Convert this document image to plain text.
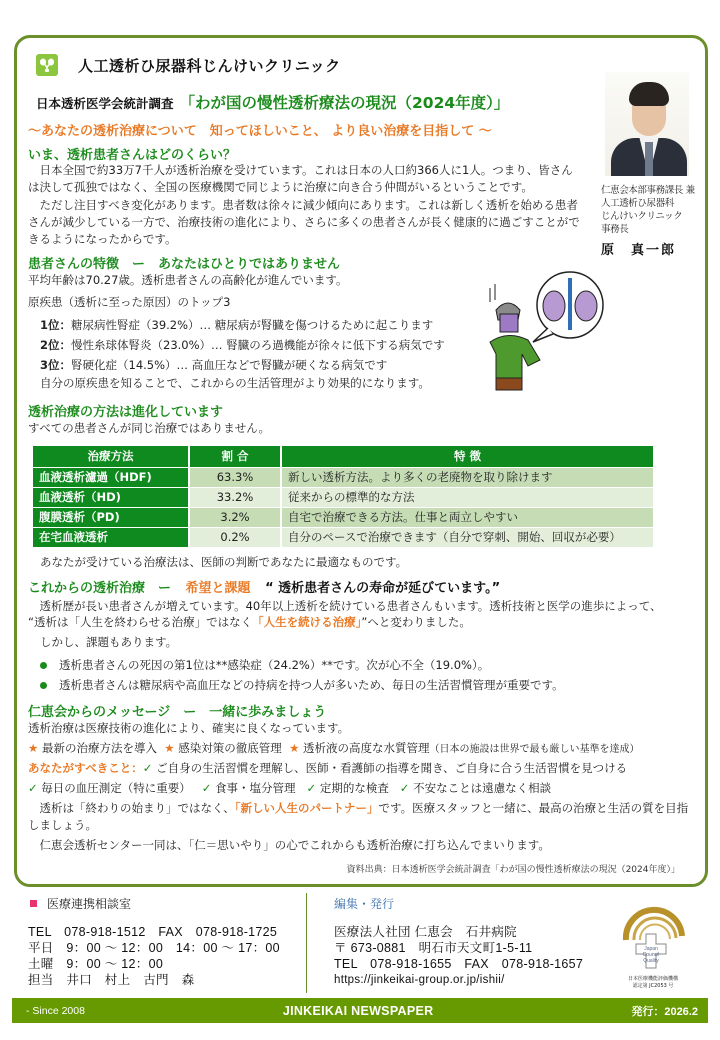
人工透析ひ尿器科じんけいクリニック
日本透析医学会統計調査 「わが国の慢性透析療法の現況（2024年度）」
～あなたの透析治療について　知ってほしいこと、 より良い治療を目指して ～
仁恵会本部事務課長 兼
人工透析ひ尿器科
じんけいクリニック
事務長
原　真一郎
いま、透析患者さんはどのくらい？
　日本全国で約33万7千人が透析治療を受けています。これは日本の人口約366人に1人。つまり、皆さんは決して孤独ではなく、全国の医療機関で同じように治療に向き合う仲間がいるということです。
　ただし注目すべき変化があります。患者数は徐々に減少傾向にあります。これは新しく透析を始める患者さんが減少している一方で、治療技術の進化により、さらに多くの患者さんが長く健康的に過ごすことができるようになったからです。
患者さんの特徴　ー　あなたはひとりではありません
平均年齢は70.27歳。透析患者さんの高齢化が進んでいます。
原疾患（透析に至った原因）のトップ3
1位：糖尿病性腎症（39.2%）… 糖尿病が腎臓を傷つけるために起こります
2位：慢性糸球体腎炎（23.0%）… 腎臓のろ過機能が徐々に低下する病気です
3位：腎硬化症（14.5%）… 高血圧などで腎臓が硬くなる病気です
自分の原疾患を知ることで、これからの生活管理がより効果的になります。
透析治療の方法は進化しています
すべての患者さんが同じ治療ではありません。
治療方法	割 合	特 徴
血液透析濾過（HDF)	63.3%	新しい透析方法。より多くの老廃物を取り除けます
血液透析（HD)	33.2%	従来からの標準的な方法
腹膜透析（PD)	3.2%	自宅で治療できる方法。仕事と両立しやすい
在宅血液透析	0.2%	自分のペースで治療できます（自分で穿刺、開始、回収が必要）
あなたが受けている治療法は、医師の判断であなたに最適なものです。
これからの透析治療　ー 希望と課題 “ 透析患者さんの寿命が延びています。”
　透析歴が長い患者さんが増えています。40年以上透析を続けている患者さんもいます。透析技術と医学の進歩によって、
“透析は「人生を終わらせる治療」ではなく「人生を続ける治療」”へと変わりました。
しかし、課題もあります。
透析患者さんの死因の第1位は**感染症（24.2%）**です。次が心不全（19.0%）。
透析患者さんは糖尿病や高血圧などの持病を持つ人が多いため、毎日の生活習慣管理が重要です。
仁恵会からのメッセージ　ー　一緒に歩みましょう
透析治療は医療技術の進化により、確実に良くなっています。
★ 最新の治療方法を導入 ★ 感染対策の徹底管理 ★ 透析液の高度な水質管理（日本の施設は世界で最も厳しい基準を達成）
あなたがすべきこと：✓ ご自身の生活習慣を理解し、医師・看護師の指導を聞き、ご自身に合う生活習慣を見つける
✓ 毎日の血圧測定（特に重要） ✓ 食事・塩分管理 ✓ 定期的な検査 ✓ 不安なことは遠慮なく相談
　透析は「終わりの始まり」ではなく、「新しい人生のパートナー」です。医療スタッフと一緒に、最高の治療と生活の質を目指しましょう。
　仁恵会透析センター一同は、「仁＝思いやり」の心でこれからも透析治療に打ち込んでまいります。
資料出典：日本透析医学会統計調査「わが国の慢性透析療法の現況（2024年度）」
医療連携相談室
TEL　078-918-1512　FAX　078-918-1725
平日　9：00 ～ 12：00　14：00 ～ 17：00
土曜　9：00 ～ 12：00
担当　井口　村上　古門　森
編集・発行
医療法人社団 仁恵会　石井病院
〒 673-0881　明石市天文町1-5-11
TEL　078-918-1655　FAX　078-918-1657
https://jinkeikai-group.or.jp/ishii/
Japan
Council
Quality
日本医療機能評価機構
認定第 JC2053 号
- Since 2008	JINKEIKAI NEWSPAPER	発行：2026.2
